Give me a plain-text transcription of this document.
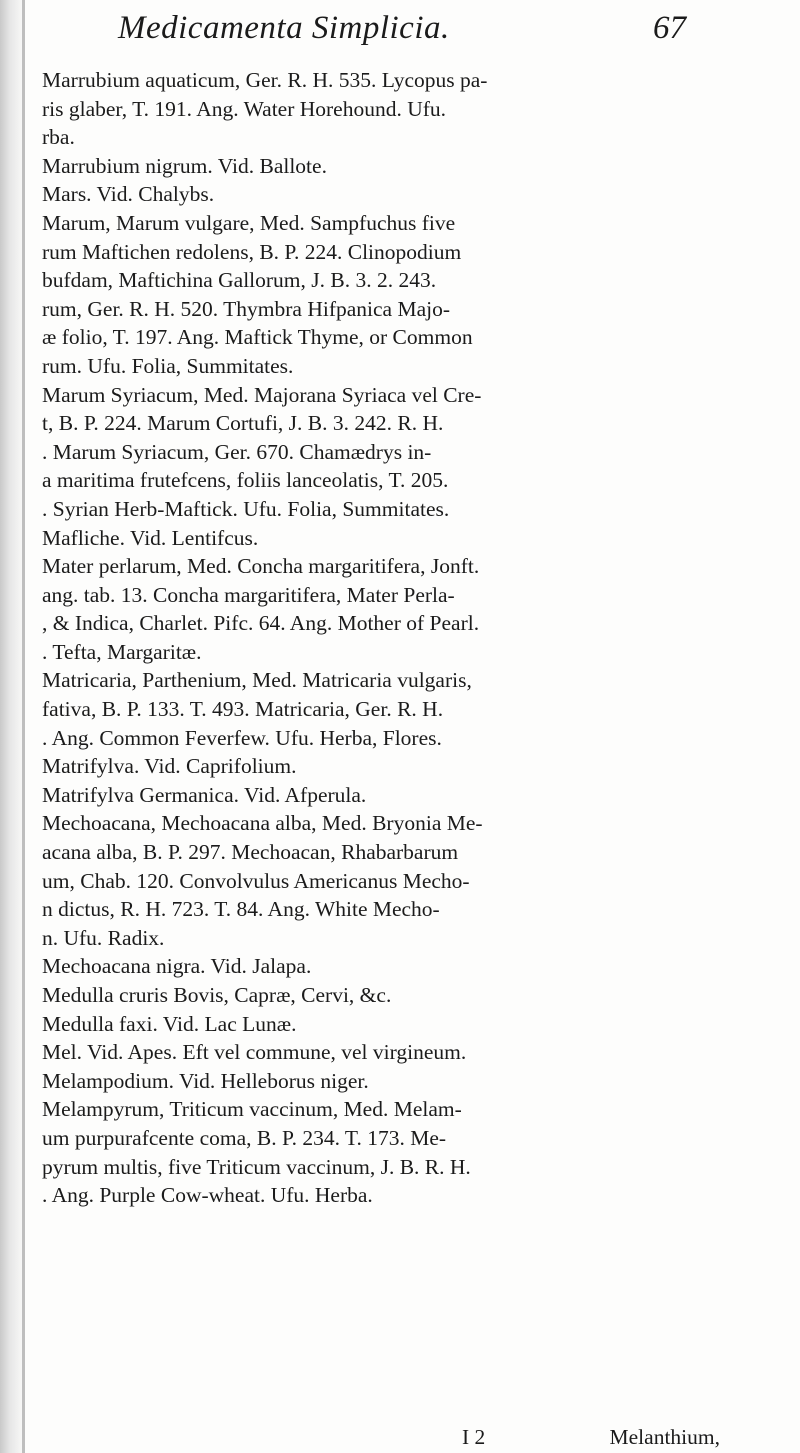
Medicamenta Simplicia.	67
Marrubium aquaticum, Ger. R. H. 535. Lycopus pa-
ris glaber, T. 191. Ang. Water Horehound. Ufu.
rba.
Marrubium nigrum. Vid. Ballote.
Mars. Vid. Chalybs.
Marum, Marum vulgare, Med. Sampfuchus five
rum Maftichen redolens, B. P. 224. Clinopodium
bufdam, Maftichina Gallorum, J. B. 3. 2. 243.
rum, Ger. R. H. 520. Thymbra Hifpanica Majo-
æ folio, T. 197. Ang. Maftick Thyme, or Common
rum. Ufu. Folia, Summitates.
Marum Syriacum, Med. Majorana Syriaca vel Cre-
t, B. P. 224. Marum Cortufi, J. B. 3. 242. R. H.
. Marum Syriacum, Ger. 670. Chamædrys in-
a maritima frutefcens, foliis lanceolatis, T. 205.
. Syrian Herb-Maftick. Ufu. Folia, Summitates.
Mafliche. Vid. Lentifcus.
Mater perlarum, Med. Concha margaritifera, Jonft.
ang. tab. 13. Concha margaritifera, Mater Perla-
, & Indica, Charlet. Pifc. 64. Ang. Mother of Pearl.
. Tefta, Margaritæ.
Matricaria, Parthenium, Med. Matricaria vulgaris,
fativa, B. P. 133. T. 493. Matricaria, Ger. R. H.
. Ang. Common Feverfew. Ufu. Herba, Flores.
Matrifylva. Vid. Caprifolium.
Matrifylva Germanica. Vid. Afperula.
Mechoacana, Mechoacana alba, Med. Bryonia Me-
acana alba, B. P. 297. Mechoacan, Rhabarbarum
um, Chab. 120. Convolvulus Americanus Mecho-
n dictus, R. H. 723. T. 84. Ang. White Mecho-
n. Ufu. Radix.
Mechoacana nigra. Vid. Jalapa.
Medulla cruris Bovis, Capræ, Cervi, &c.
Medulla faxi. Vid. Lac Lunæ.
Mel. Vid. Apes. Eft vel commune, vel virgineum.
Melampodium. Vid. Helleborus niger.
Melampyrum, Triticum vaccinum, Med. Melam-
um purpurafcente coma, B. P. 234. T. 173. Me-
pyrum multis, five Triticum vaccinum, J. B. R. H.
. Ang. Purple Cow-wheat. Ufu. Herba.
I 2	Melanthium,
